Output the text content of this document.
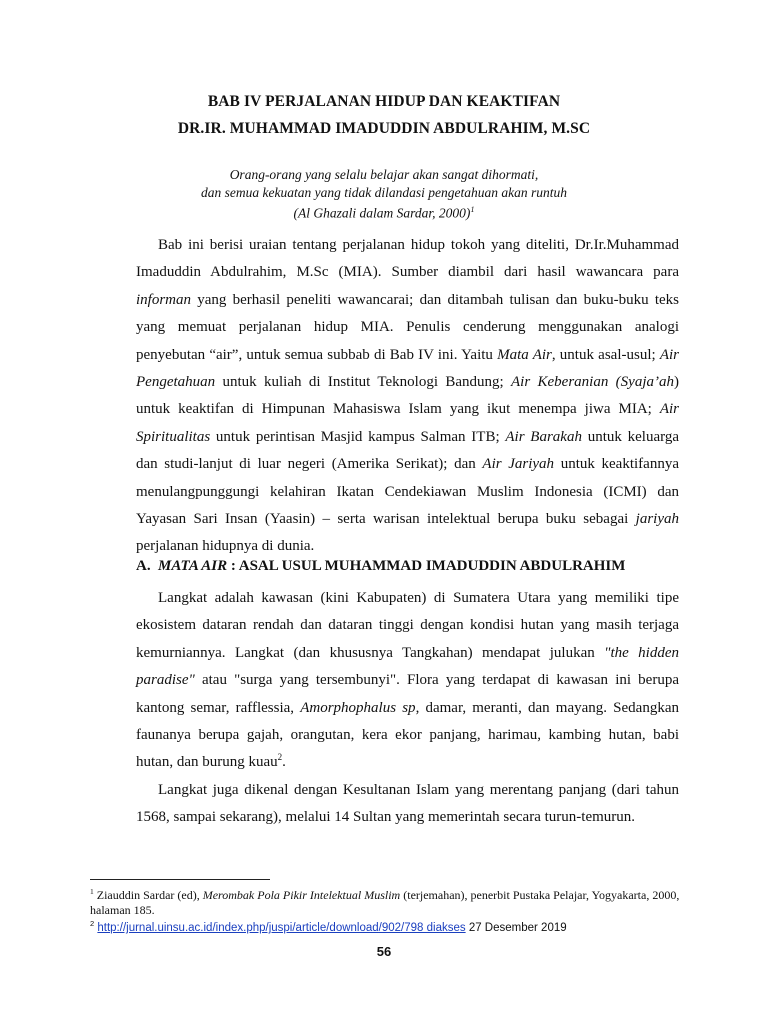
BAB IV PERJALANAN HIDUP DAN KEAKTIFAN
DR.IR. MUHAMMAD IMADUDDIN ABDULRAHIM, M.SC
Orang-orang yang selalu belajar akan sangat dihormati,
dan semua kekuatan yang tidak dilandasi pengetahuan akan runtuh
(Al Ghazali dalam Sardar, 2000)$^1$

Bab ini berisi uraian tentang perjalanan hidup tokoh yang diteliti, Dr.Ir.Muhammad Imaduddin Abdulrahim, M.Sc (MIA). Sumber diambil dari hasil wawancara para informan yang berhasil peneliti wawancarai; dan ditambah tulisan dan buku-buku teks yang memuat perjalanan hidup MIA. Penulis cenderung menggunakan analogi penyebutan “air”, untuk semua subbab di Bab IV ini. Yaitu Mata Air, untuk asal-usul; Air Pengetahuan untuk kuliah di Institut Teknologi Bandung; Air Keberanian (Syaja’ah) untuk keaktifan di Himpunan Mahasiswa Islam yang ikut menempa jiwa MIA; Air Spiritualitas untuk perintisan Masjid kampus Salman ITB; Air Barakah untuk keluarga dan studi-lanjut di luar negeri (Amerika Serikat); dan Air Jariyah untuk keaktifannya menulangpunggungi kelahiran Ikatan Cendekiawan Muslim Indonesia (ICMI) dan Yayasan Sari Insan (Yaasin) – serta warisan intelektual berupa buku sebagai jariyah perjalanan hidupnya di dunia.

A. MATA AIR : ASAL USUL MUHAMMAD IMADUDDIN ABDULRAHIM

Langkat adalah kawasan (kini Kabupaten) di Sumatera Utara yang memiliki tipe ekosistem dataran rendah dan dataran tinggi dengan kondisi hutan yang masih terjaga kemurniannya. Langkat (dan khususnya Tangkahan) mendapat julukan "the hidden paradise" atau "surga yang tersembunyi". Flora yang terdapat di kawasan ini berupa kantong semar, rafflessia, Amorphophalus sp, damar, meranti, dan mayang. Sedangkan faunanya berupa gajah, orangutan, kera ekor panjang, harimau, kambing hutan, babi hutan, dan burung kuau$^2$.

Langkat juga dikenal dengan Kesultanan Islam yang merentang panjang (dari tahun 1568, sampai sekarang), melalui 14 Sultan yang memerintah secara turun-temurun.

$^1$ Ziauddin Sardar (ed), Merombak Pola Pikir Intelektual Muslim (terjemahan), penerbit Pustaka Pelajar, Yogyakarta, 2000, halaman 185.
$^2$ http://jurnal.uinsu.ac.id/index.php/juspi/article/download/902/798 diakses 27 Desember 2019
56
